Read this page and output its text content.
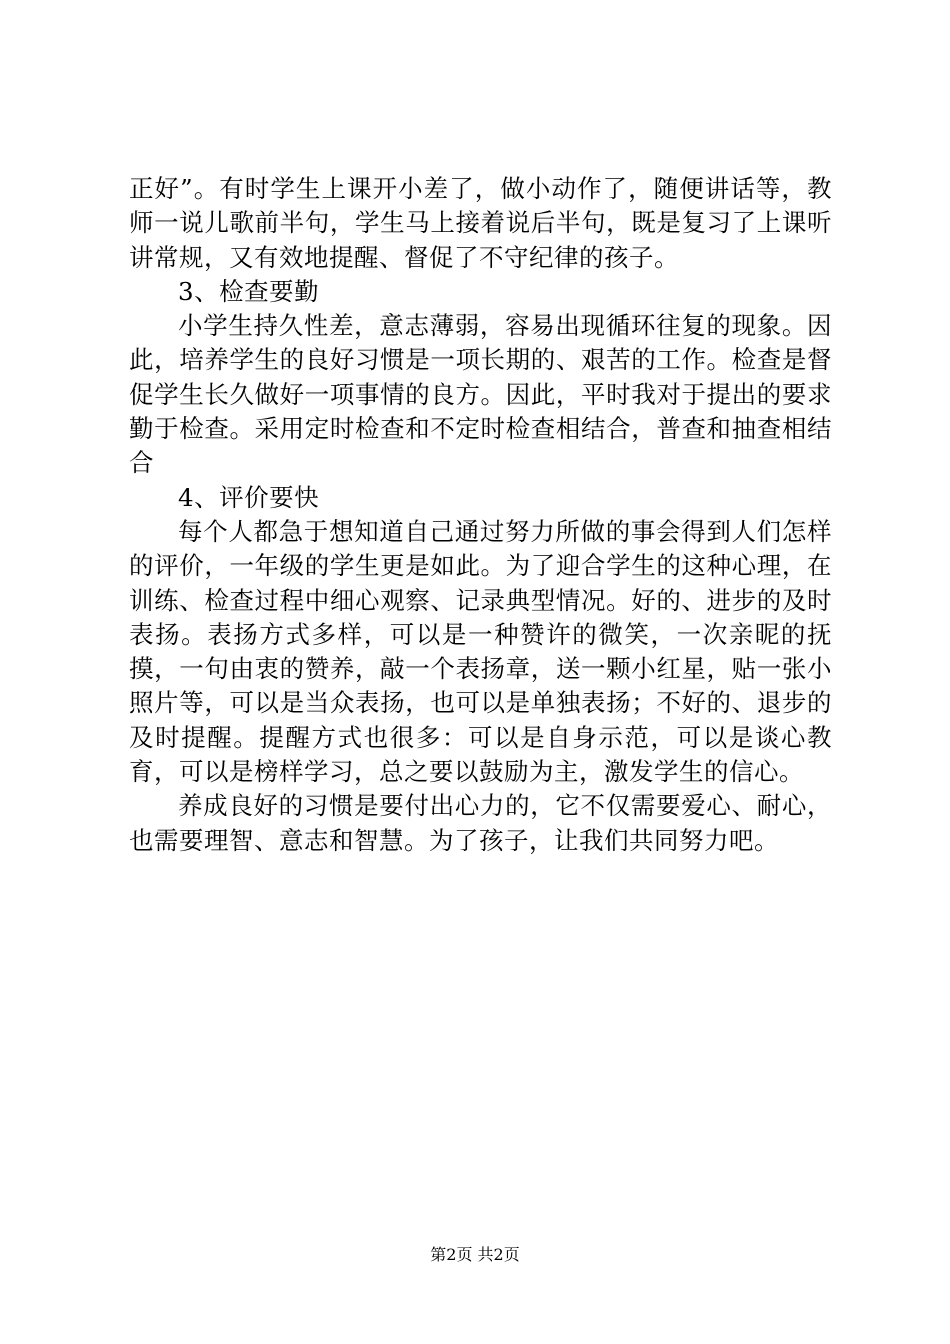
正好”。有时学生上课开小差了，做小动作了，随便讲话等，教师一说儿歌前半句，学生马上接着说后半句，既是复习了上课听讲常规，又有效地提醒、督促了不守纪律的孩子。

3、检查要勤

小学生持久性差，意志薄弱，容易出现循环往复的现象。因此，培养学生的良好习惯是一项长期的、艰苦的工作。检查是督促学生长久做好一项事情的良方。因此，平时我对于提出的要求勤于检查。采用定时检查和不定时检查相结合，普查和抽查相结合

4、评价要快

每个人都急于想知道自己通过努力所做的事会得到人们怎样的评价，一年级的学生更是如此。为了迎合学生的这种心理，在训练、检查过程中细心观察、记录典型情况。好的、进步的及时表扬。表扬方式多样，可以是一种赞许的微笑，一次亲昵的抚摸，一句由衷的赞养，敲一个表扬章，送一颗小红星，贴一张小照片等，可以是当众表扬，也可以是单独表扬；不好的、退步的及时提醒。提醒方式也很多：可以是自身示范，可以是谈心教育，可以是榜样学习，总之要以鼓励为主，激发学生的信心。

养成良好的习惯是要付出心力的，它不仅需要爱心、耐心，也需要理智、意志和智慧。为了孩子，让我们共同努力吧。

第2页 共2页
